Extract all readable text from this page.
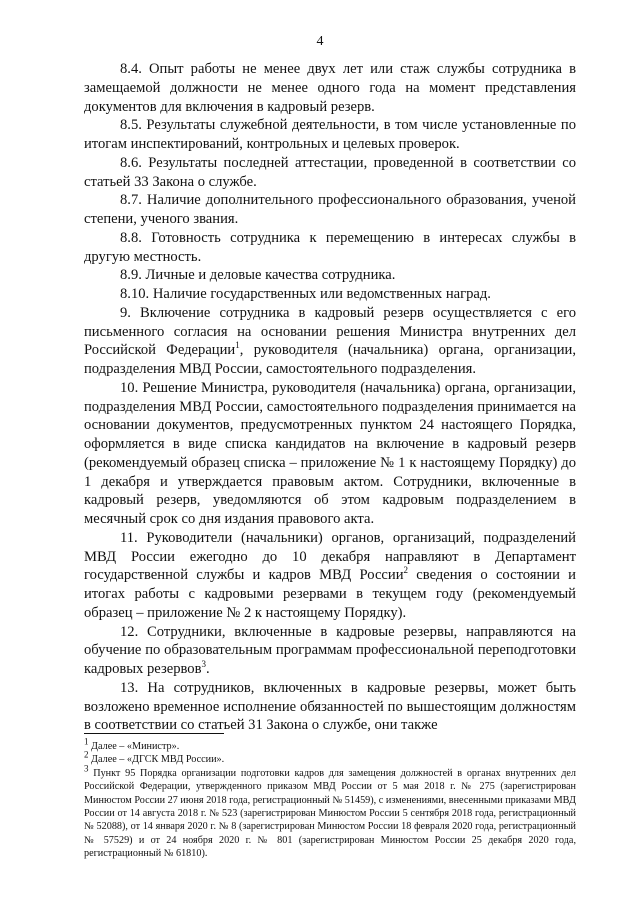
4

8.4. Опыт работы не менее двух лет или стаж службы сотрудника в замещаемой должности не менее одного года на момент представления документов для включения в кадровый резерв.

8.5. Результаты служебной деятельности, в том числе установленные по итогам инспектирований, контрольных и целевых проверок.

8.6. Результаты последней аттестации, проведенной в соответствии со статьей 33 Закона о службе.

8.7. Наличие дополнительного профессионального образования, ученой степени, ученого звания.

8.8. Готовность сотрудника к перемещению в интересах службы в другую местность.

8.9. Личные и деловые качества сотрудника.

8.10. Наличие государственных или ведомственных наград.

9. Включение сотрудника в кадровый резерв осуществляется с его письменного согласия на основании решения Министра внутренних дел Российской Федерации$^1$, руководителя (начальника) органа, организации, подразделения МВД России, самостоятельного подразделения.

10. Решение Министра, руководителя (начальника) органа, организации, подразделения МВД России, самостоятельного подразделения принимается на основании документов, предусмотренных пунктом 24 настоящего Порядка, оформляется в виде списка кандидатов на включение в кадровый резерв (рекомендуемый образец списка – приложение № 1 к настоящему Порядку) до 1 декабря и утверждается правовым актом. Сотрудники, включенные в кадровый резерв, уведомляются об этом кадровым подразделением в месячный срок со дня издания правового акта.

11. Руководители (начальники) органов, организаций, подразделений МВД России ежегодно до 10 декабря направляют в Департамент государственной службы и кадров МВД России$^2$ сведения о состоянии и итогах работы с кадровыми резервами в текущем году (рекомендуемый образец – приложение № 2 к настоящему Порядку).

12. Сотрудники, включенные в кадровые резервы, направляются на обучение по образовательным программам профессиональной переподготовки кадровых резервов$^3$.

13. На сотрудников, включенных в кадровые резервы, может быть возложено временное исполнение обязанностей по вышестоящим должностям в соответствии со статьей 31 Закона о службе, они также

$^1$ Далее – «Министр».

$^2$ Далее – «ДГСК МВД России».

$^3$ Пункт 95 Порядка организации подготовки кадров для замещения должностей в органах внутренних дел Российской Федерации, утвержденного приказом МВД России от 5 мая 2018 г. № 275 (зарегистрирован Минюстом России 27 июня 2018 года, регистрационный № 51459), с изменениями, внесенными приказами МВД России от 14 августа 2018 г. № 523 (зарегистрирован Минюстом России 5 сентября 2018 года, регистрационный № 52088), от 14 января 2020 г. № 8 (зарегистрирован Минюстом России 18 февраля 2020 года, регистрационный № 57529) и от 24 ноября 2020 г. № 801 (зарегистрирован Минюстом России 25 декабря 2020 года, регистрационный № 61810).
